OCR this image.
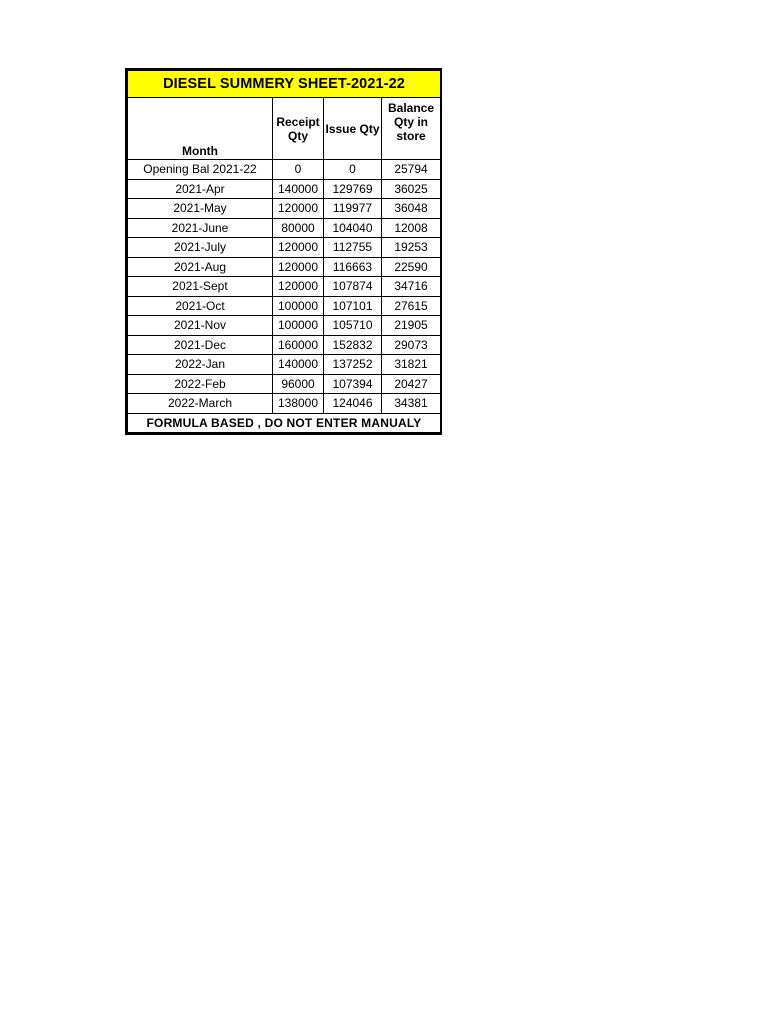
DIESEL SUMMERY SHEET-2021-22			
Month	Receipt Qty	Issue Qty	Balance Qty in store
Opening Bal 2021-22	0	0	25794
2021-Apr	140000	129769	36025
2021-May	120000	119977	36048
2021-June	80000	104040	12008
2021-July	120000	112755	19253
2021-Aug	120000	116663	22590
2021-Sept	120000	107874	34716
2021-Oct	100000	107101	27615
2021-Nov	100000	105710	21905
2021-Dec	160000	152832	29073
2022-Jan	140000	137252	31821
2022-Feb	96000	107394	20427
2022-March	138000	124046	34381
FORMULA BASED , DO NOT ENTER MANUALY			
